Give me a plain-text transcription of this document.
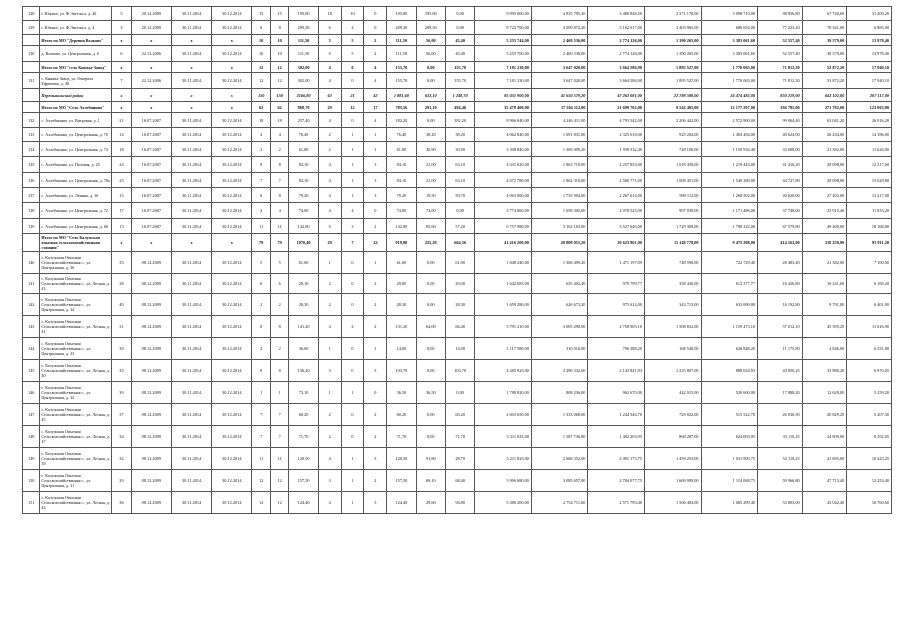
128	г. Южное, ул. Ф.Энгельса, д. 46	5	20.12.2009	30.11.2014	30.12.2014	15	15	195,80	18	10	0	195,80	195,80	0,00	9 095 600,00	4 835 795,20	3 480 848,50	2 371 178,00	3 098 710,00	98 956,80	67 740,60	31 209,20
129	г. Южное, ул. Ф.Энгельса, д. 4	3	20.12.2009	30.11.2014	30.12.2014	8	8	209,30	6	4	0	209,30	209,30	0,00	9 722 700,00	4 509 872,20	3 162 617,00	2 403 965,00	686 654,00	77 223,20	70 341,00	6 885,00
	Итого по МО "Деревня Волково"	x	x	x	x	10	10	111,50	5	5	2	111,50	56,00	45,40	5 255 744,00	2 469 536,00	2 774 126,00	1 390 265,00	3 383 061,60	52 557,40	39 579,00	13 978,40
130	д. Волково, ул. Центральная, д. 6	6	22.12.2006	30.11.2014	30.12.2014	10	10	111,50	5	5	2	111,50	56,00	45,40	5 255 700,00	2 469 536,00	2 774 126,00	1 390 265,00	3 383 061,60	52 557,40	38 579,00	13 978,40
	Итого по МО "село Княжье Завод"	x	x	x	x	12	12	302,00	4	0	4	155,70	0,00	155,70	7 181 230,00	3 647 020,00	3 664 586,90	1 895 527,00	1 776 065,00	71 812,30	52 872,20	17 940,10
131	с. Княжье Завод, ул. Генерала Ефремова, д. 48	7	22.12.2006	30.11.2014	30.12.2014	12	12	302,00	4	0	4	155,70	0,00	155,70	7 181 230,00	3 647 020,00	3 664 586,90	1 895 527,00	1 776 065,00	71 812,30	53 872,20	17 940,10
	Перемышльский район	x	x	x	x	150	150	2166,80	63	21	42	1 881,60	633,10	1 248,70	85 031 900,00	41 650 579,20	47 263 081,00	22 788 588,00	24 474 483,00	850 219,00	643 102,00	207 117,00
	Итого по МО "Село Ахлебинино"	x	x	x	x	62	62	868,70	29	12	17	785,56	291,10	494,46	35 478 400,00	17 584 112,00	21 699 702,00	9 542 405,00	12 177 297,00	394 785,00	271 782,00	123 003,00
132	с. Ахлебинино, ул. Витровая, д. 1	21	16.07.2007	30.11.2014	30.12.2014	18	18	257,40	4	0	4	182,20	0,00	182,20	8 966 040,00	4 246 411,00	4 793 542,00	2 206 442,00	2 572 900,00	99 064,40	63 041,20	26 016,20
133	с. Ахлебинино, ул. Центральная, д. 70	14	16.07.2007	30.11.2014	30.12.2014	4	4	76,40	2	1	1	76,40	38,20	38,20	4 062 840,00	1 691 831,00	2 325 618,00	925 204,00	1 404 494,00	40 624,00	26 434,00	14 186,00
134	с. Ахлебинино, ул. Центральная, д. 74	18	16.07.2007	30.11.2014	30.12.2014	2	2	61,80	2	1	1	61,80	30,90	30,90	3 308 840,00	1 369 499,20	1 939 332,40	748 100,00	1 150 934,40	33 008,00	21 382,00	11 626,00
135	с. Ахлебинино, ул. Полевая, д. 25	24	16.07.2007	30.11.2014	30.12.2014	8	8	84,10	4	1	3	84,10	21,00	63,10	4 341 620,00	1 863 719,00	2 257 853,00	1 018 458,00	1 219 443,00	41 416,20	29 098,00	12 317,60
136	с. Ахлебинино, ул. Центральная, д. 78а	25	16.07.2007	30.11.2014	30.12.2014	7	7	84,10	4	1	3	84,10	21,00	63,10	4 472 780,00	1 862 310,00	2 566 771,00	1 008 451,00	1 549 280,00	44 727,80	29 098,00	15 629,80
137	с. Ахлебинино, ул. Ленина, д. 16	15	16.07.2007	30.11.2014	30.12.2014	8	8	79,20	4	1	3	79,20	19,50	59,70	4 063 000,00	1 735 984,00	2 267 614,00	999 112,00	1 268 502,00	40 620,00	27 402,00	13 217,00
138	с. Ахлебинино, ул. Центральная, д. 72	17	16.07.2007	30.11.2014	30.12.2014	4	4	74,00	4	4	0	74,00	74,00	0,00	3 774 860,00	1 658 305,00	2 078 525,00	907 039,00	1 171 486,00	37 748,60	25 915,40	11 833,20
139	с. Ахлебинино, ул. Центральная, д. 68	13	16.07.2007	30.11.2014	30.12.2014	11	11	142,80	5	3	2	142,80	85,60	57,20	6 757 980,00	3 162 163,00	3 527 649,00	1 729 309,00	1 798 322,00	67 579,80	49 409,00	18 168,80
	Итого по МО "Село Калужская опытная сельскохозяйственная станция"	x	x	x	x	79	79	1070,40	29	7	22	919,80	255,20	664,56	41 416 200,00	20 808 951,20	20 623 961,00	11 148 778,00	9 475 208,00	414 162,00	318 250,90	95 911,20
140	с. Калужская Опытная Сельскохозяйственная с., ул. Центральная, д. 36	35	08.12.2009	30.11.2014	30.12.2014	5	5	61,00	1	0	1	61,00	0,00	61,00	1 848 240,00	1 368 499,20	1 471 197,09	748 596,00	722 729,40	28 483,40	21 382,00	7 100,00
141	с. Калужская Опытная Сельскохозяйственная с., ул. Лесная, д. 43	38	08.12.2009	30.11.2014	30.12.2014	6	6	29,10	2	0	2	29,00	0,00	29,00	1 642 683,00	635 402,40	970 799,77	358 436,00	612 377,77	16 426,80	10 241,60	6 185,20
142	с. Калужская Опытная Сельскохозяйственная с., ул. Центральная, д. 34	40	08.12.2009	30.11.2014	30.12.2014	2	2	28,30	2	0	2	28,30	0,00	28,30	1 659 286,00	626 673,20	975 612,00	343 713,00	633 699,00	16 192,80	9 791,80	6 401,00
143	с. Калужская Опытная Сельскохозяйственная с., ул. Лесная, д. 41	31	08.12.2009	30.11.2014	30.12.2014	8	8	141,20	4	2	2	131,20	64,00	66,40	5 791 210,00	3 005 290,00	2 758 903,10	1 508 832,00	1 159 473,10	57 012,10	45 395,20	11 616,90
144	с. Калужская Опытная Сельскохозяйственная с., ул. Центральная, д. 33	30	08.12.2009	30.11.2014	30.12.2014	2	2	36,00	1	0	1	14,00	0,00	14,00	1 117 580,00	310 016,00	796 388,20	168 540,00	626 848,20	11 175,80	4 846,00	6 331,80
145	с. Калужская Опытная Сельскохозяйственная с., ул. Лесная, д. 40	33	08.12.2009	30.11.2014	30.12.2014	8	8	136,20	3	0	3	103,70	0,00	103,70	4 485 925,00	2 296 332,00	2 143 841,93	1 255 807,00	888 034,93	44 850,25	33 880,20	6 970,05
146	с. Калужская Опытная Сельскохозяйственная с., ул. Центральная, д. 32	39	08.12.2009	30.11.2014	30.12.2014	1	1	73,10	1	1	0	36,50	36,50	0,00	1 788 820,00	808 236,00	962 670,00	442 015,00	520 600,00	17 888,20	12 629,00	5 259,20
147	с. Калужская Опытная Сельскохозяйственная с., ул. Лесная, д. 45	37	08.12.2009	30.11.2014	30.12.2014	7	7	60,20	2	0	2	60,20	0,00	60,20	2 603 650,00	1 333 068,00	1 244 544,70	729 022,00	515 522,70	26 036,50	20 829,20	5 207,30
148	с. Калужская Опытная Сельскохозяйственная с., ул. Лесная, д. 47	34	08.12.2009	30.11.2014	30.12.2014	7	7	71,70	2	0	2	71,70	0,00	71,70	3 311 025,00	1 587 736,80	1 492 203,95	868 287,00	624 003,95	33 110,25	24 809,00	8 292,05
149	с. Калужская Опытная Сельскохозяйственная с., ул. Лесная, д. 39	32	08.12.2009	30.11.2014	30.12.2014	11	11	120,50	4	1	3	120,50	91,80	28,70	5 211 825,00	2 668 352,00	2 491 175,75	1 459 253,00	1 031 909,75	52 118,25	41 695,00	10 423,25
150	с. Калужская Опытная Сельскохозяйственная с., ул. Центральная, д. 31	29	08.12.2009	30.11.2014	30.12.2014	12	12	157,50	3	1	2	157,50	69,10	68,40	5 996 680,00	3 085 657,00	2 784 077,75	1 669 999,00	1 114 068,75	59 966,80	47 713,40	12 253,40
151	с. Калужская Опытная Сельскохозяйственная с., ул. Лесная, д. 44	36	08.12.2009	30.11.2014	30.12.2014	12	12	124,40	4	1	3	124,40	29,60	94,80	5 380 200,00	2 754 711,60	2 571 793,40	1 506 484,00	1 065 299,40	53 803,00	43 042,40	10 760,60
